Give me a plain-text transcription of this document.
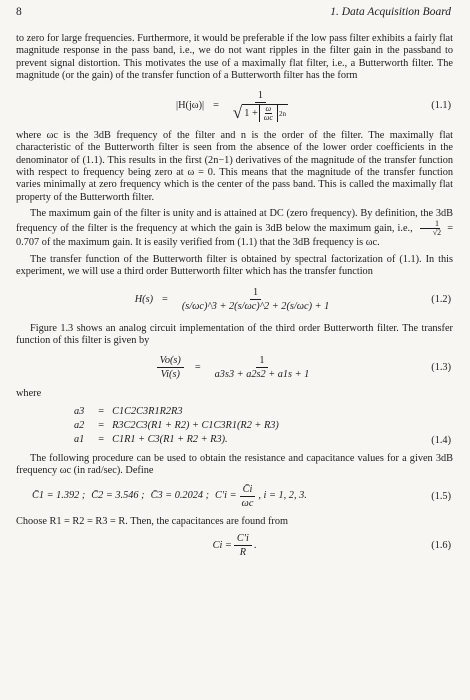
8	1. Data Acquisition Board

to zero for large frequencies. Furthermore, it would be preferable if the low pass filter exhibits a fairly flat magnitude response in the pass band, i.e., we do not want ripples in the filter gain in the passband to prevent signal distortion. This motivates the use of a maximally flat filter, i.e., a Butterworth filter. The magnitude (or the gain) of the transfer function of a Butterworth filter has the form

|H(jω)| =
1
√ $1 + \frac{\omega}{\omega c} 2n$
(1.1)

where ωc is the 3dB frequency of the filter and n is the order of the filter. The maximally flat characteristic of the Butterworth filter is seen from the absence of the lower order coefficients in the denominator of (1.1). This results in the first (2n−1) derivatives of the magnitude of the transfer function with respect to frequency being zero at ω = 0. This means that the magnitude of the transfer function varies minimally at zero frequency which is the center of the pass band. This is called the maximally flat property of the Butterworth filter.

The maximum gain of the filter is unity and is attained at DC (zero frequency). By definition, the 3dB frequency of the filter is the frequency at which the gain is 3dB below the maximum gain, i.e., $\frac{1}{√2} = 0.707$ of the maximum gain. It is easily verified from (1.1) that the 3dB frequency is ωc.

The transfer function of the Butterworth filter is obtained by spectral factorization of (1.1). In this experiment, we will use a third order Butterworth filter which has the transfer function

$H(s) = \frac{1}{(s/\omega c)\^{}3 + 2(s/\omega c)\^{}2 + 2(s/\omega c) + 1}$	(1.2)

Figure 1.3 shows an analog circuit implementation of the third order Butterworth filter. The transfer function of this filter is given by

$\frac{Vo(s)}{Vi(s)} = \frac{1}{a3s3 + a2s2 + a1s + 1}$	(1.3)

where

a3	=	C1C2C3R1R2R3
a2	=	R3C2C3(R1 + R2) + C1C3R1(R2 + R3)
a1	=	C1R1 + C3(R1 + R2 + R3).	(1.4)

The following procedure can be used to obtain the resistance and capacitance values for a given 3dB frequency ωc (in rad/sec). Define

C̄1 = 1.392 ; C̄2 = 3.546 ; C̄3 = 0.2024 ; $C'i = \frac{C̄i}{\omega c}$ , i = 1, 2, 3.	(1.5)

Choose R1 = R2 = R3 = R. Then, the capacitances are found from

$Ci = \frac{C'i}{R}$ .	(1.6)
